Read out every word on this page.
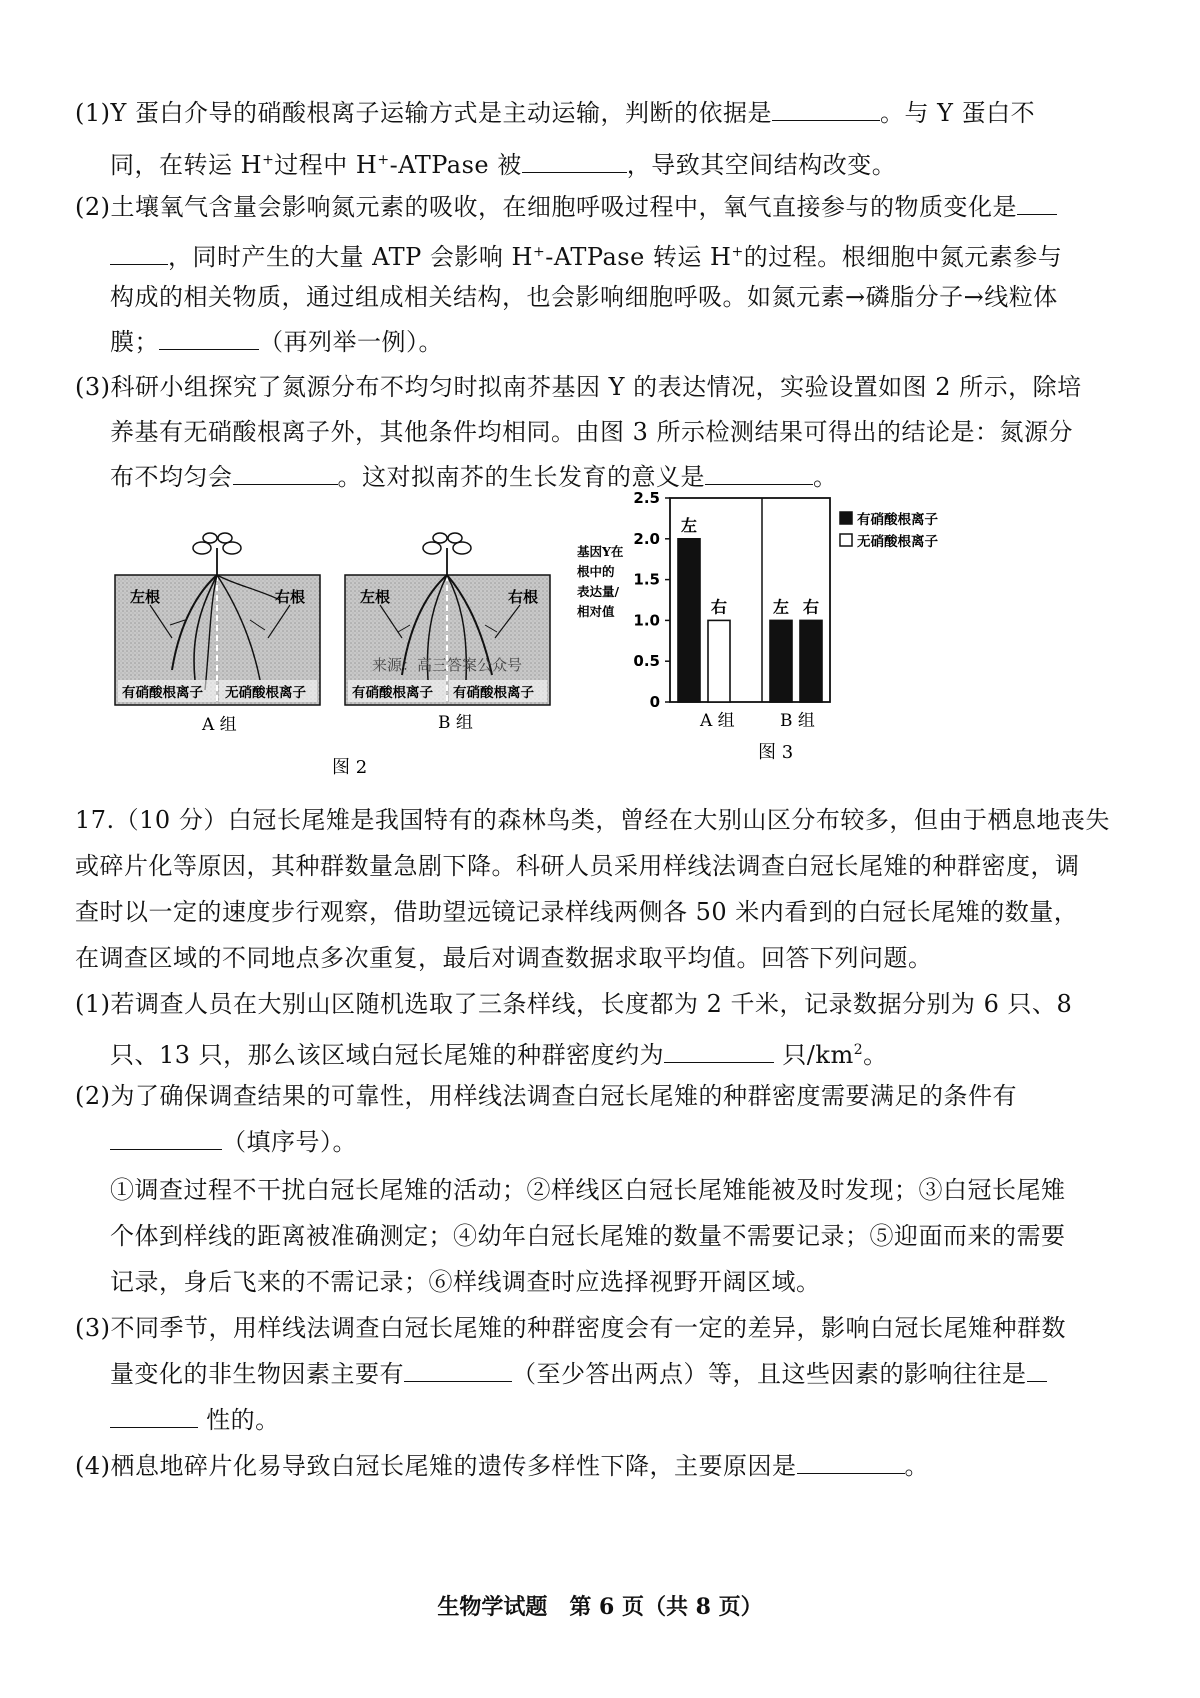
(1)Y 蛋白介导的硝酸根离子运输方式是主动运输，判断的依据是	。与 Y 蛋白不
同，在转运 H+过程中 H+-ATPase 被	，导致其空间结构改变。
(2)土壤氧气含量会影响氮元素的吸收，在细胞呼吸过程中，氧气直接参与的物质变化是
，同时产生的大量 ATP 会影响 H+-ATPase 转运 H+的过程。根细胞中氮元素参与
构成的相关物质，通过组成相关结构，也会影响细胞呼吸。如氮元素→磷脂分子→线粒体
膜；	（再列举一例）。
(3)科研小组探究了氮源分布不均匀时拟南芥基因 Y 的表达情况，实验设置如图 2 所示，除培
养基有无硝酸根离子外，其他条件均相同。由图 3 所示检测结果可得出的结论是：氮源分
布不均匀会	。这对拟南芥的生长发育的意义是	。
左根	右根
有硝酸根离子 无硝酸根离子
左根	右根
来源：高三答案公众号
有硝酸根离子 有硝酸根离子
A 组	B 组
图 2
基因Y在
根中的
表达量/
相对值
0
0.5
1.0
1.5
2.0
2.5
左
右	左 右
有硝酸根离子
无硝酸根离子
A 组	B 组
图 3
17.（10 分）白冠长尾雉是我国特有的森林鸟类，曾经在大别山区分布较多，但由于栖息地丧失
或碎片化等原因，其种群数量急剧下降。科研人员采用样线法调查白冠长尾雉的种群密度，调
查时以一定的速度步行观察，借助望远镜记录样线两侧各 50 米内看到的白冠长尾雉的数量，
在调查区域的不同地点多次重复，最后对调查数据求取平均值。回答下列问题。
(1)若调查人员在大别山区随机选取了三条样线，长度都为 2 千米，记录数据分别为 6 只、8
只、13 只，那么该区域白冠长尾雉的种群密度约为	只$/km^2$。
(2)为了确保调查结果的可靠性，用样线法调查白冠长尾雉的种群密度需要满足的条件有
（填序号）。
①调查过程不干扰白冠长尾雉的活动；②样线区白冠长尾雉能被及时发现；③白冠长尾雉
个体到样线的距离被准确测定；④幼年白冠长尾雉的数量不需要记录；⑤迎面而来的需要
记录，身后飞来的不需记录；⑥样线调查时应选择视野开阔区域。
(3)不同季节，用样线法调查白冠长尾雉的种群密度会有一定的差异，影响白冠长尾雉种群数
量变化的非生物因素主要有	（至少答出两点）等，且这些因素的影响往往是
性的。
(4)栖息地碎片化易导致白冠长尾雉的遗传多样性下降，主要原因是	。
生物学试题　第 6 页（共 8 页）
